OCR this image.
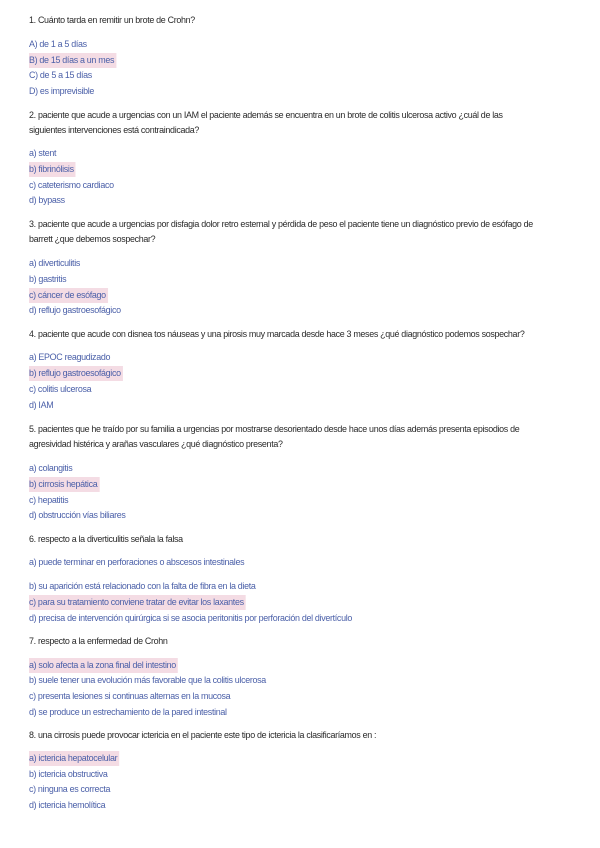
1. Cuánto tarda en remitir un brote de Crohn?
A) de 1 a 5 días
B) de 15 días a un mes
C) de 5 a 15 días
D) es imprevisible
2. paciente que acude a urgencias con un IAM el paciente además se encuentra en un brote de colitis ulcerosa activo ¿cuál de las siguientes intervenciones está contraindicada?
a) stent
b) fibrinólisis
c) cateterismo cardiaco
d) bypass
3. paciente que acude a urgencias por disfagia dolor retro esternal y pérdida de peso el paciente tiene un diagnóstico previo de esófago de barrett ¿que debemos sospechar?
a) diverticulitis
b) gastritis
c) cáncer de esófago
d) reflujo gastroesofágico
4. paciente que acude con disnea tos náuseas y una pirosis muy marcada desde hace 3 meses ¿qué diagnóstico podemos sospechar?
a) EPOC reagudizado
b) reflujo gastroesofágico
c) colitis ulcerosa
d) IAM
5. pacientes que he traído por su familia a urgencias por mostrarse desorientado desde hace unos días además presenta episodios de agresividad histérica y arañas vasculares ¿qué diagnóstico presenta?
a) colangitis
b) cirrosis hepática
c) hepatitis
d) obstrucción vías biliares
6. respecto a la diverticulitis señala la falsa
a) puede terminar en perforaciones o abscesos intestinales
b) su aparición está relacionado con la falta de fibra en la dieta
c) para su tratamiento conviene tratar de evitar los laxantes
d) precisa de intervención quirúrgica si se asocia peritonitis por perforación del divertículo
7. respecto a la enfermedad de Crohn
a) solo afecta a la zona final del intestino
b) suele tener una evolución más favorable que la colitis ulcerosa
c) presenta lesiones si continuas alternas en la mucosa
d) se produce un estrechamiento de la pared intestinal
8. una cirrosis puede provocar ictericia en el paciente este tipo de ictericia la clasificaríamos en :
a) ictericia hepatocelular
b) ictericia obstructiva
c) ninguna es correcta
d) ictericia hemolítica
